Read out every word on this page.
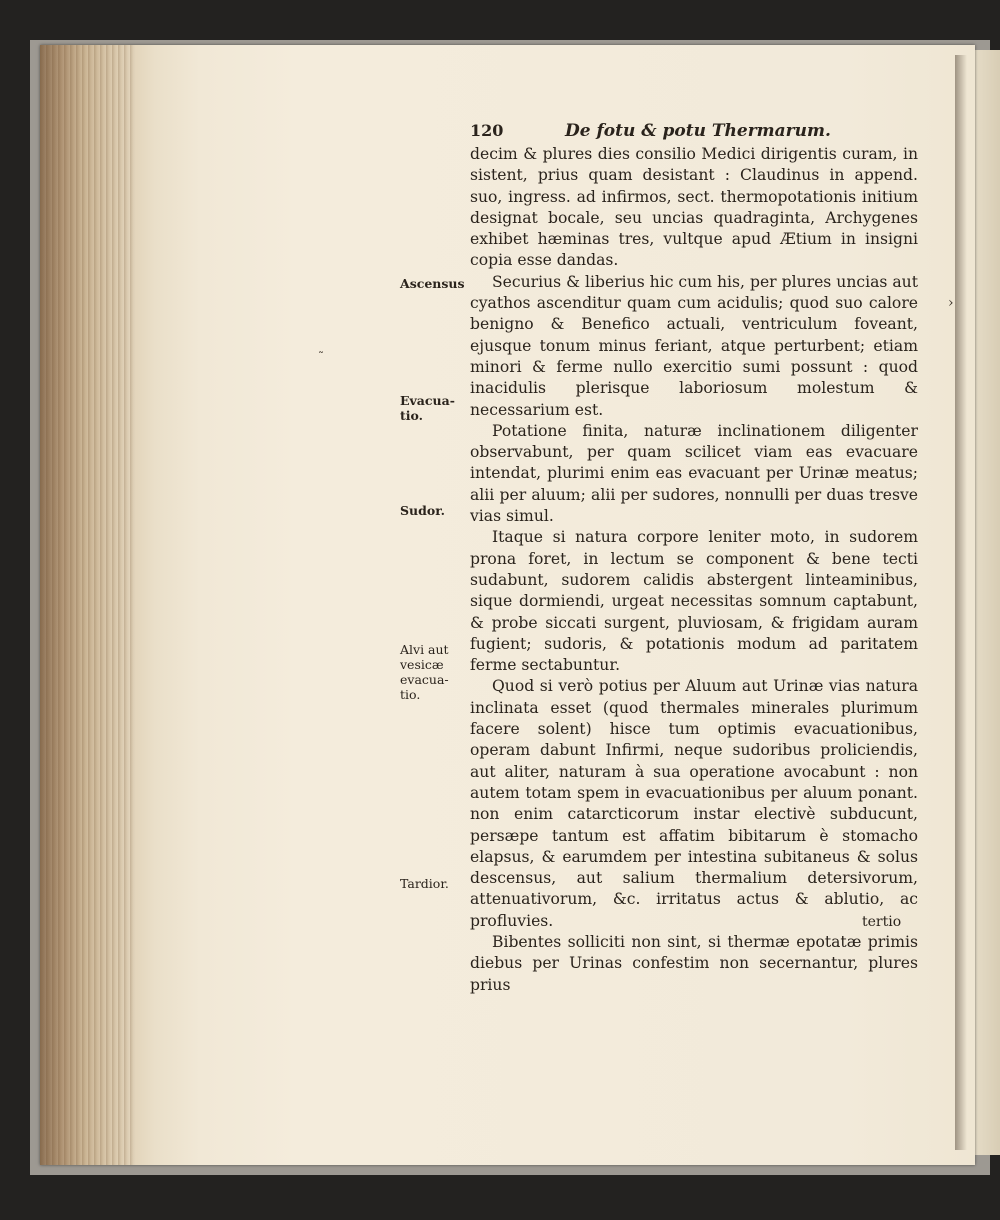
›
˜
120	De fotu & potu Thermarum.

decim & plures dies consilio Medici dirigentis curam, in sistent, prius quam desistant : Claudinus in append. suo, ingress. ad infirmos, sect. thermopotationis initium designat bocale, seu uncias quadraginta, Archygenes exhibet hæminas tres, vultque apud Ætium in insigni copia esse dandas.

Securius & liberius hic cum his, per plures uncias aut cyathos ascenditur quam cum acidulis; quod suo calore benigno & Benefico actuali, ventriculum foveant, ejusque tonum minus feriant, atque perturbent; etiam minori & ferme nullo exercitio sumi possunt : quod inacidulis plerisque laboriosum molestum & necessarium est.

Potatione finita, naturæ inclinationem diligenter observabunt, per quam scilicet viam eas evacuare intendat, plurimi enim eas evacuant per Urinæ meatus; alii per aluum; alii per sudores, nonnulli per duas tresve vias simul.

Itaque si natura corpore leniter moto, in sudorem prona foret, in lectum se component & bene tecti sudabunt, sudorem calidis abstergent linteaminibus, sique dormiendi, urgeat necessitas somnum captabunt, & probe siccati surgent, pluviosam, & frigidam auram fugient; sudoris, & potationis modum ad paritatem ferme sectabuntur.

Quod si verò potius per Aluum aut Urinæ vias natura inclinata esset (quod thermales minerales plurimum facere solent) hisce tum optimis evacuationibus, operam dabunt Infirmi, neque sudoribus proliciendis, aut aliter, naturam à sua operatione avocabunt : non autem totam spem in evacuationibus per aluum ponant. non enim catarcticorum instar electivè subducunt, persæpe tantum est affatim bibitarum è stomacho elapsus, & earumdem per intestina subitaneus & solus descensus, aut salium thermalium detersivorum, attenuativorum, &c. irritatus actus & ablutio, ac profluvies.

Bibentes solliciti non sint, si thermæ epotatæ primis diebus per Urinas confestim non secernantur, plures prius

Ascensus
Evacua-
tio.
Sudor.
Alvi aut
vesicæ
evacua-
tio.
Tardior.
tertio
